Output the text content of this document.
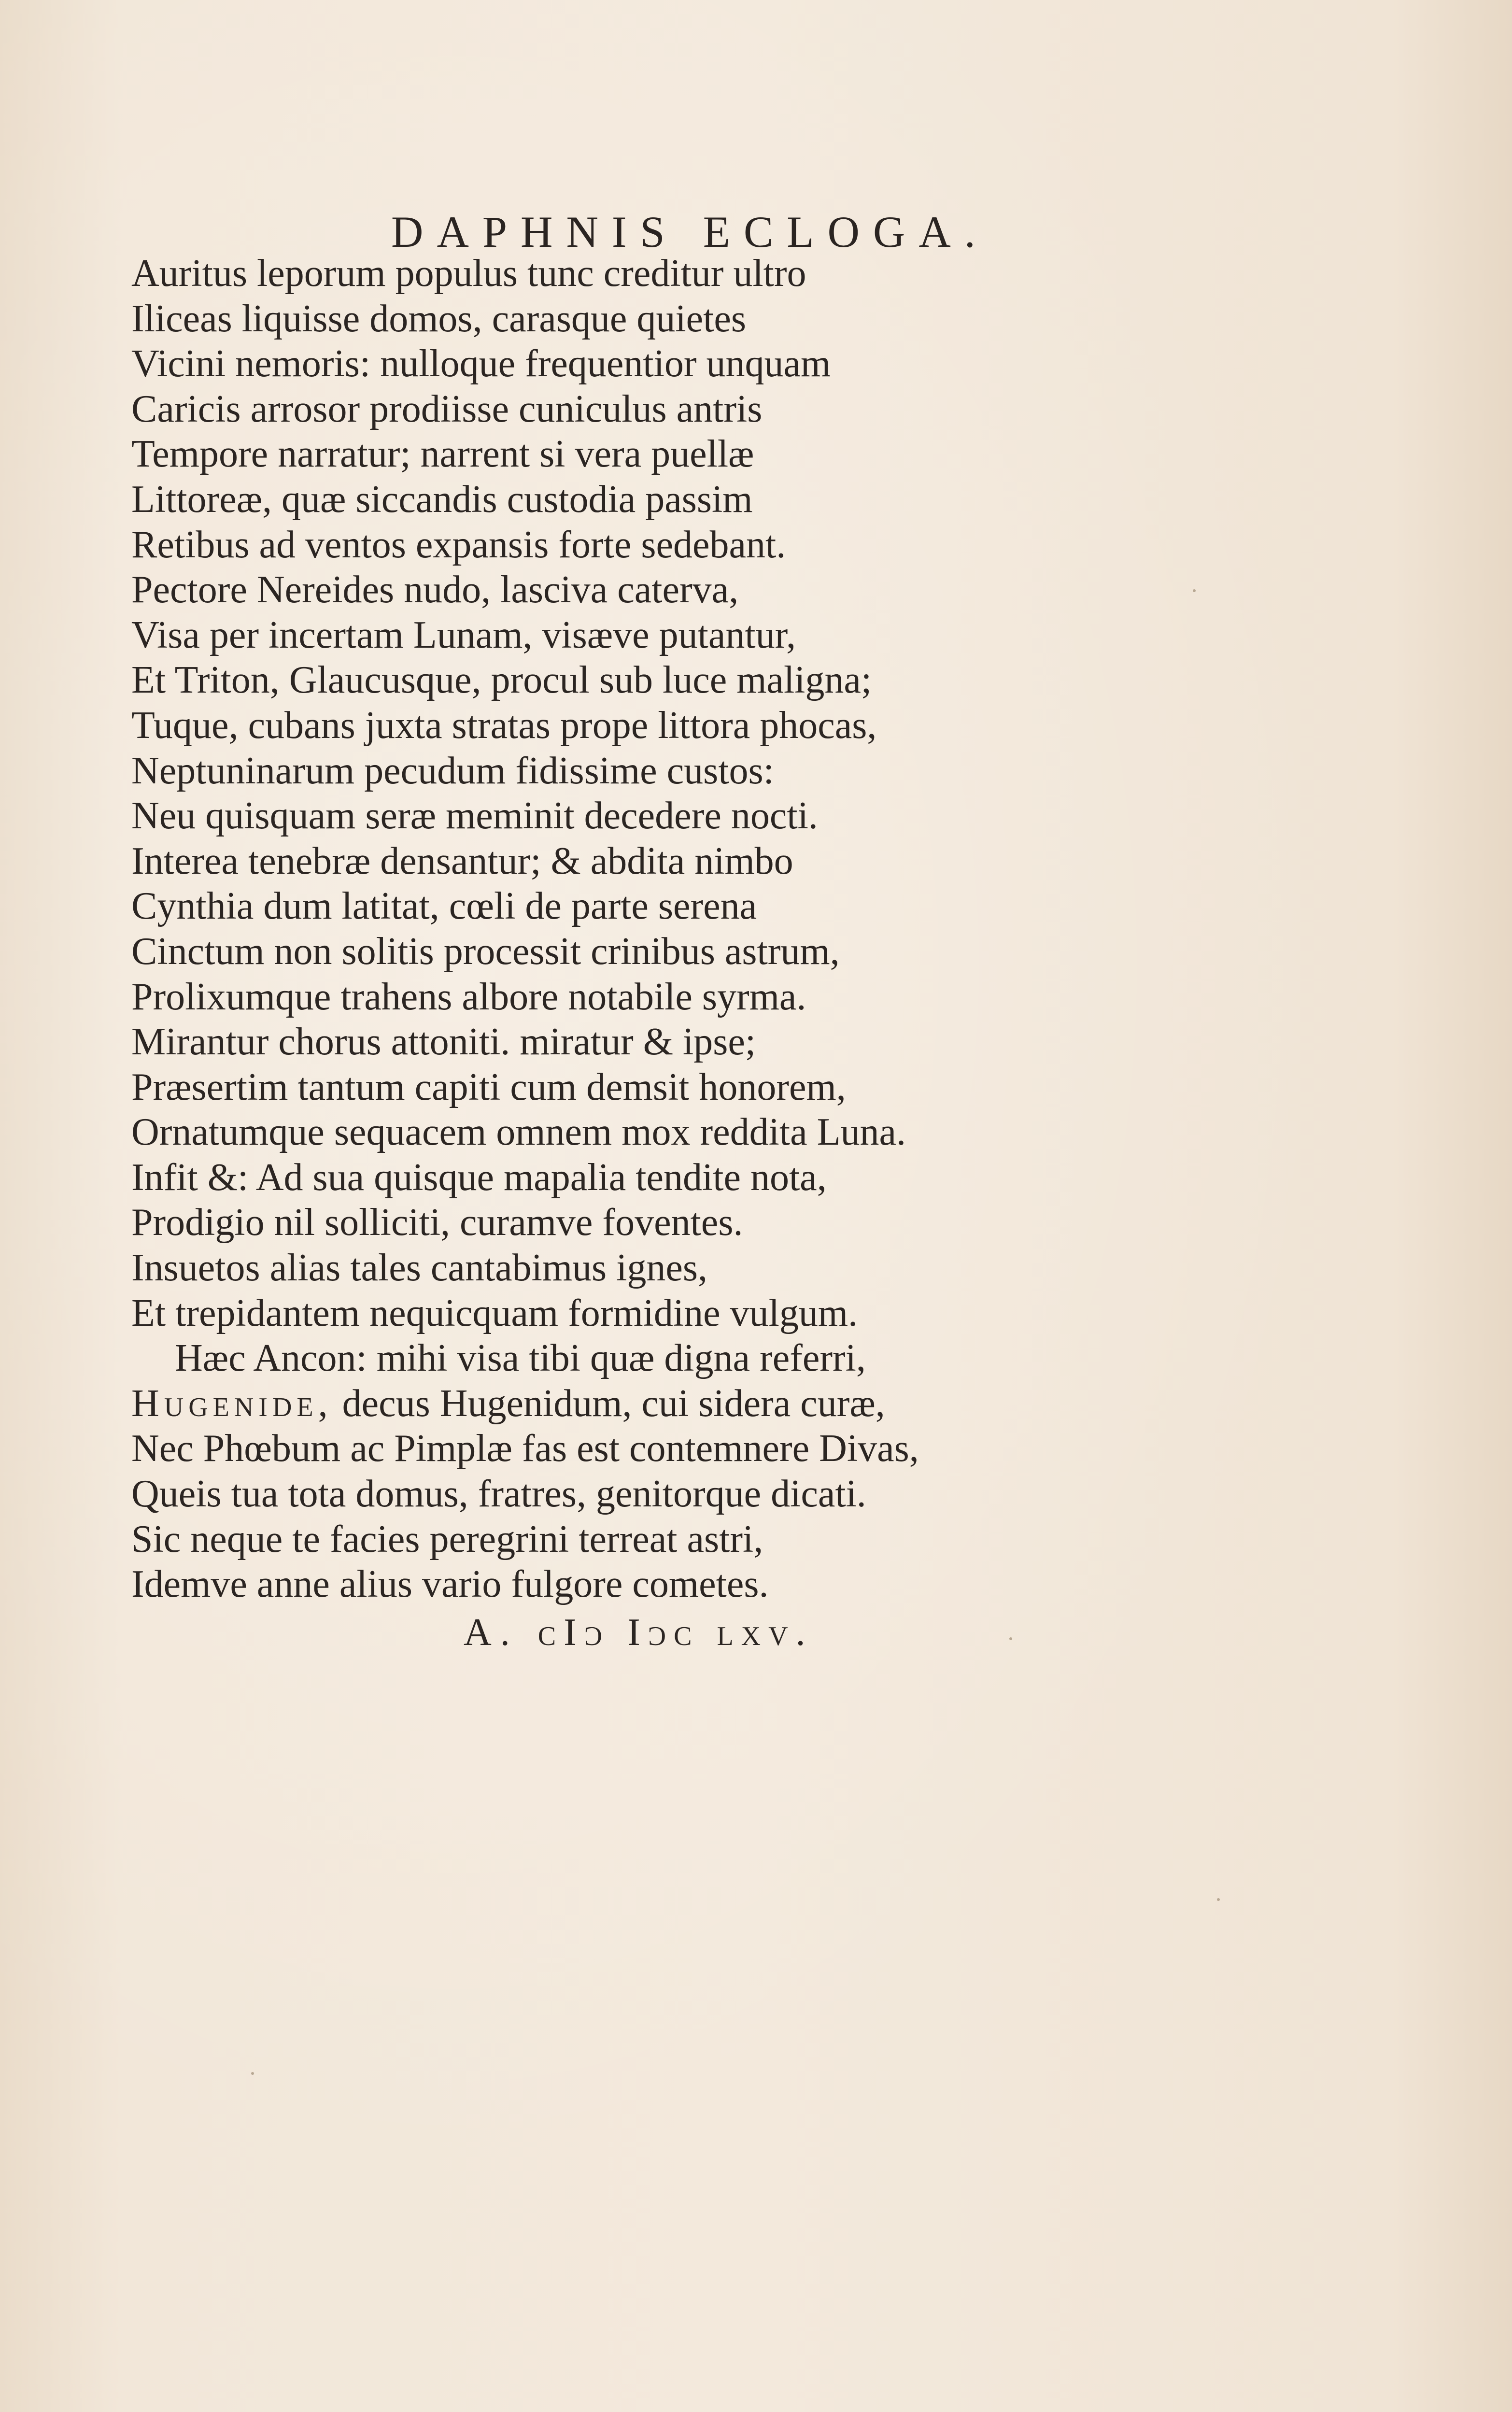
DAPHNIS ECLOGA.
Auritus leporum populus tunc creditur ultro
Iliceas liquisse domos, carasque quietes
Vicini nemoris: nulloque frequentior unquam
Caricis arrosor prodiisse cuniculus antris
Tempore narratur; narrent si vera puellæ
Littoreæ, quæ siccandis custodia passim
Retibus ad ventos expansis forte sedebant.
Pectore Nereides nudo, lasciva caterva,
Visa per incertam Lunam, visæve putantur,
Et Triton, Glaucusque, procul sub luce maligna;
Tuque, cubans juxta stratas prope littora phocas,
Neptuninarum pecudum fidissime custos:
Neu quisquam seræ meminit decedere nocti.
Interea tenebræ densantur; & abdita nimbo
Cynthia dum latitat, cœli de parte serena
Cinctum non solitis processit crinibus astrum,
Prolixumque trahens albore notabile syrma.
Mirantur chorus attoniti. miratur & ipse;
Præsertim tantum capiti cum demsit honorem,
Ornatumque sequacem omnem mox reddita Luna.
Infit &: Ad sua quisque mapalia tendite nota,
Prodigio nil solliciti, curamve foventes.
Insuetos alias tales cantabimus ignes,
Et trepidantem nequicquam formidine vulgum.
Hæc Ancon: mihi visa tibi quæ digna referri,
Hugenide, decus Hugenidum, cui sidera curæ,
Nec Phœbum ac Pimplæ fas est contemnere Divas,
Queis tua tota domus, fratres, genitorque dicati.
Sic neque te facies peregrini terreat astri,
Idemve anne alius vario fulgore cometes.
A. cIɔ Iɔc lxv.
